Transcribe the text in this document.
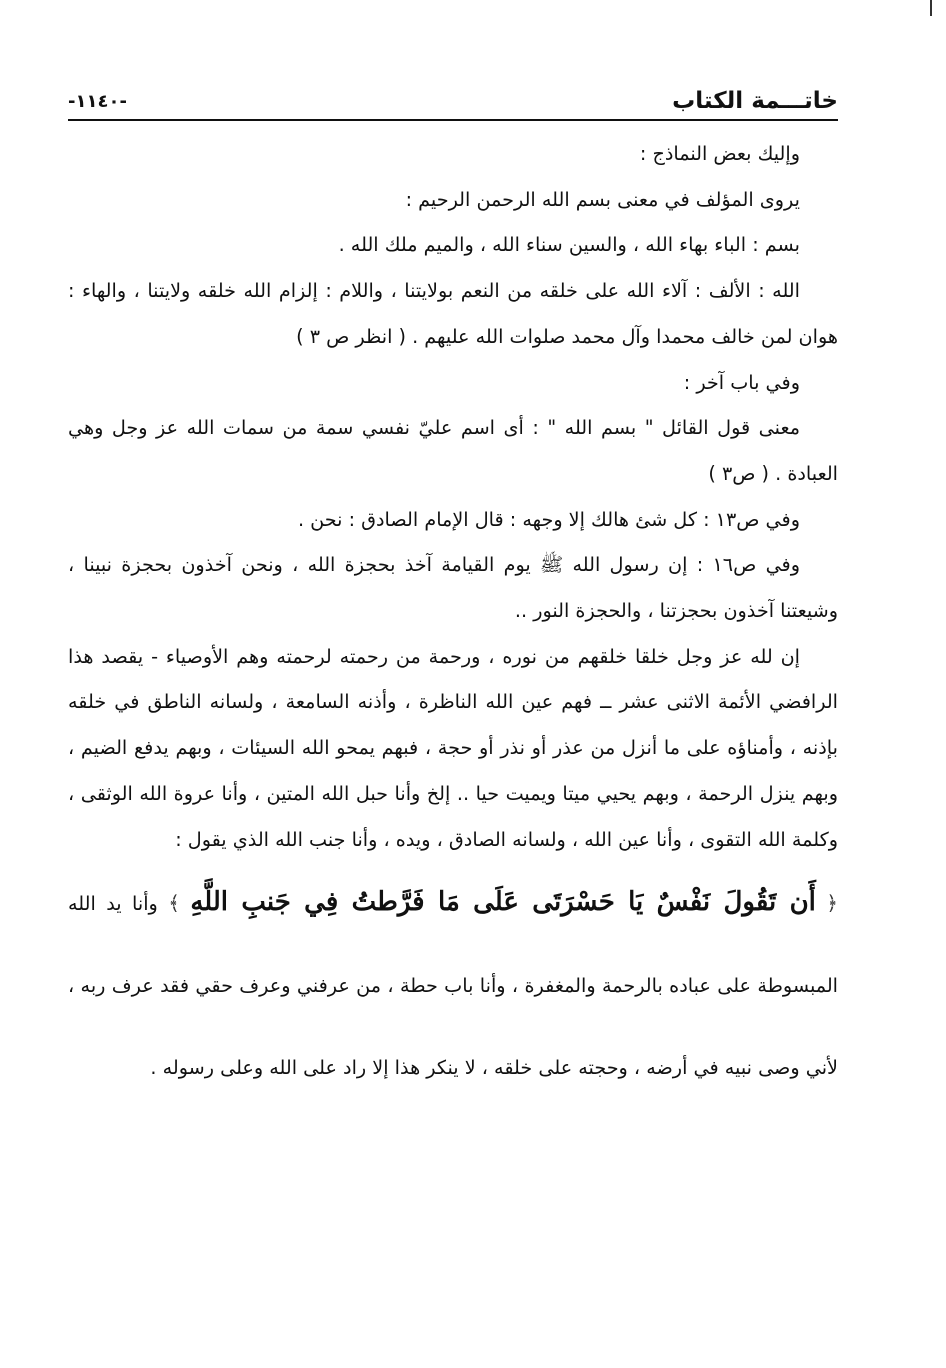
خاتـــمة الكتاب
-١١٤٠-

وإليك بعض النماذج :

يروى المؤلف في معنى بسم الله الرحمن الرحيم :

بسم : الباء بهاء الله ، والسين سناء الله ، والميم ملك الله .

الله : الألف : آلاء الله على خلقه من النعم بولايتنا ، واللام : إلزام الله خلقه ولايتنا ، والهاء : هوان لمن خالف محمدا وآل محمد صلوات الله عليهم . ( انظر ص ٣ )

وفي باب آخر :

معنى قول القائل " بسم الله " : أى اسم عليّ نفسي سمة من سمات الله عز وجل وهي العبادة . ( ص٣ )

وفي ص١٣ : كل شئ هالك إلا وجهه : قال الإمام الصادق : نحن .

وفي ص١٦ : إن رسول الله ﷺ يوم القيامة آخذ بحجزة الله ، ونحن آخذون بحجزة نبينا ، وشيعتنا آخذون بحجزتنا ، والحجزة النور ..

إن لله عز وجل خلقا خلقهم من نوره ، ورحمة من رحمته لرحمته وهم الأوصياء - يقصد هذا الرافضي الأئمة الاثنى عشر ــ فهم عين الله الناظرة ، وأذنه السامعة ، ولسانه الناطق في خلقه بإذنه ، وأمناؤه على ما أنزل من عذر أو نذر أو حجة ، فبهم يمحو الله السيئات ، وبهم يدفع الضيم ، وبهم ينزل الرحمة ، وبهم يحيي ميتا ويميت حيا .. إلخ وأنا حبل الله المتين ، وأنا عروة الله الوثقى ، وكلمة الله التقوى ، وأنا عين الله ، ولسانه الصادق ، ويده ، وأنا جنب الله الذي يقول :

﴿ أَن تَقُولَ نَفْسٌ يَا حَسْرَتَى عَلَى مَا فَرَّطتُ فِي جَنبِ اللَّهِ ﴾ وأنا يد الله المبسوطة على عباده بالرحمة والمغفرة ، وأنا باب حطة ، من عرفني وعرف حقي فقد عرف ربه ، لأني وصى نبيه في أرضه ، وحجته على خلقه ، لا ينكر هذا إلا راد على الله وعلى رسوله .
